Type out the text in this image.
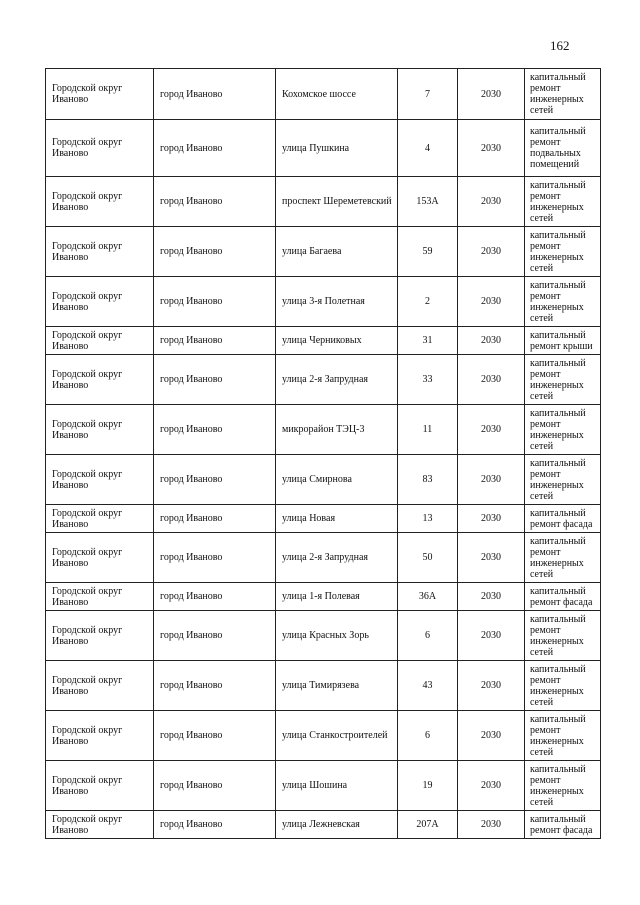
162
Городской округ Иваново	город Иваново	Кохомское шоссе	7	2030	капитальный ремонт инженерных сетей
Городской округ Иваново	город Иваново	улица Пушкина	4	2030	капитальный ремонт подвальных помещений
Городской округ Иваново	город Иваново	проспект Шереметевский	153А	2030	капитальный ремонт инженерных сетей
Городской округ Иваново	город Иваново	улица Багаева	59	2030	капитальный ремонт инженерных сетей
Городской округ Иваново	город Иваново	улица 3-я Полетная	2	2030	капитальный ремонт инженерных сетей
Городской округ Иваново	город Иваново	улица Черниковых	31	2030	капитальный ремонт крыши
Городской округ Иваново	город Иваново	улица 2-я Запрудная	33	2030	капитальный ремонт инженерных сетей
Городской округ Иваново	город Иваново	микрорайон ТЭЦ-3	11	2030	капитальный ремонт инженерных сетей
Городской округ Иваново	город Иваново	улица Смирнова	83	2030	капитальный ремонт инженерных сетей
Городской округ Иваново	город Иваново	улица Новая	13	2030	капитальный ремонт фасада
Городской округ Иваново	город Иваново	улица 2-я Запрудная	50	2030	капитальный ремонт инженерных сетей
Городской округ Иваново	город Иваново	улица 1-я Полевая	36А	2030	капитальный ремонт фасада
Городской округ Иваново	город Иваново	улица Красных Зорь	6	2030	капитальный ремонт инженерных сетей
Городской округ Иваново	город Иваново	улица Тимирязева	43	2030	капитальный ремонт инженерных сетей
Городской округ Иваново	город Иваново	улица Станкостроителей	6	2030	капитальный ремонт инженерных сетей
Городской округ Иваново	город Иваново	улица Шошина	19	2030	капитальный ремонт инженерных сетей
Городской округ Иваново	город Иваново	улица Лежневская	207А	2030	капитальный ремонт фасада
